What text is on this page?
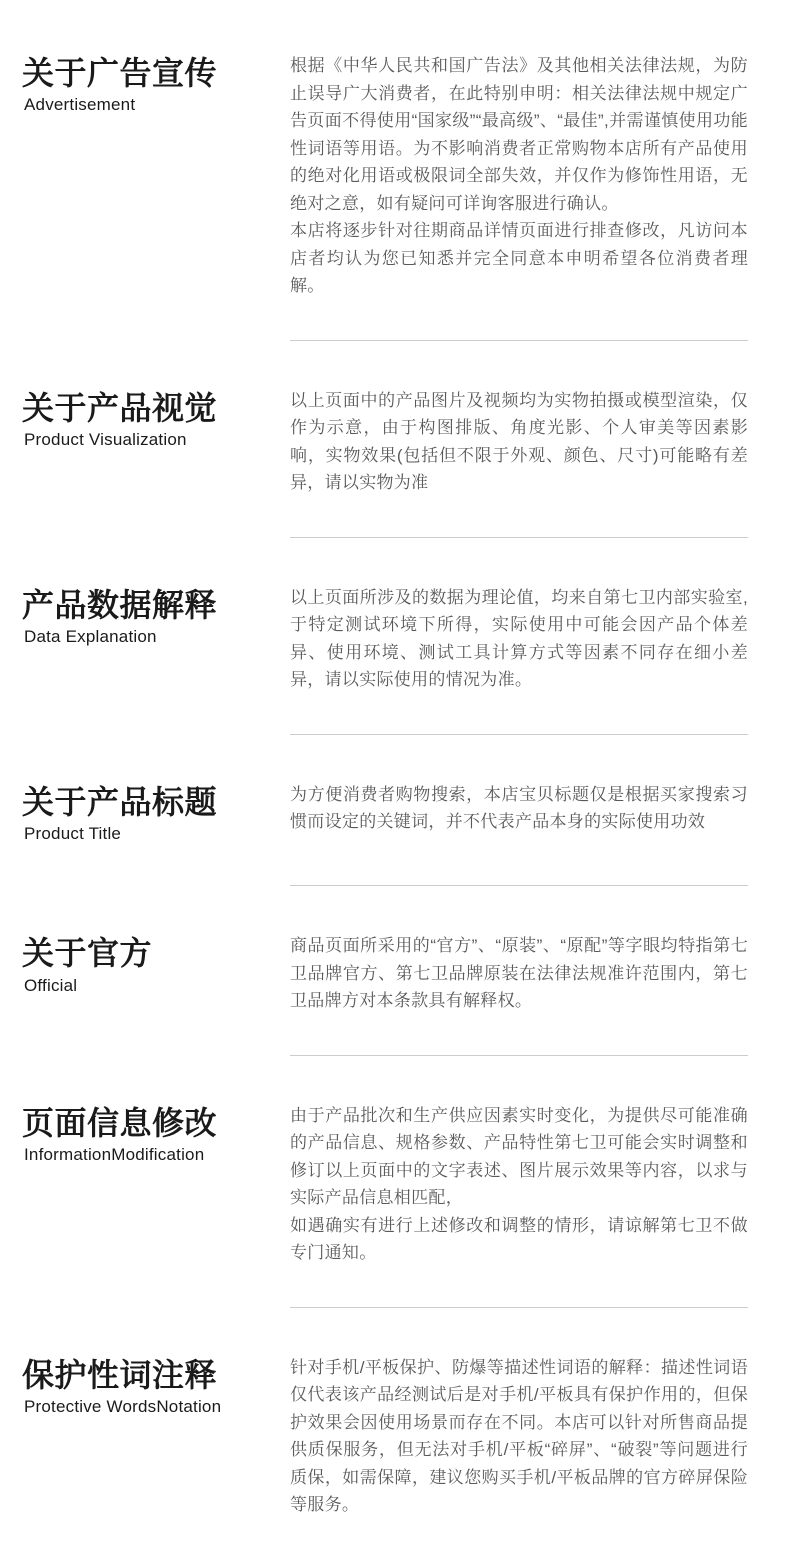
关于广告宣传
Advertisement

根据《中华人民共和国广告法》及其他相关法律法规，为防止误导广大消费者，在此特别申明：相关法律法规中规定广告页面不得使用“国家级”“最高级”、“最佳”,并需谨慎使用功能性词语等用语。为不影响消费者正常购物本店所有产品使用的绝对化用语或极限词全部失效，并仅作为修饰性用语，无绝对之意，如有疑问可详询客服进行确认。

本店将逐步针对往期商品详情页面进行排查修改，凡访问本店者均认为您已知悉并完全同意本申明希望各位消费者理解。

关于产品视觉
Product Visualization

以上页面中的产品图片及视频均为实物拍摄或模型渲染，仅作为示意，由于构图排版、角度光影、个人审美等因素影响，实物效果(包括但不限于外观、颜色、尺寸)可能略有差异，请以实物为准

产品数据解释
Data Explanation

以上页面所涉及的数据为理论值，均来自第七卫内部实验室,于特定测试环境下所得，实际使用中可能会因产品个体差异、使用环境、测试工具计算方式等因素不同存在细小差异，请以实际使用的情况为准。

关于产品标题
Product Title

为方便消费者购物搜索，本店宝贝标题仅是根据买家搜索习惯而设定的关键词，并不代表产品本身的实际使用功效

关于官方
Official

商品页面所采用的“官方”、“原装”、“原配”等字眼均特指第七卫品牌官方、第七卫品牌原装在法律法规准许范围内，第七卫品牌方对本条款具有解释权。

页面信息修改
InformationModification

由于产品批次和生产供应因素实时变化，为提供尽可能准确的产品信息、规格参数、产品特性第七卫可能会实时调整和修订以上页面中的文字表述、图片展示效果等内容，以求与实际产品信息相匹配，

如遇确实有进行上述修改和调整的情形，请谅解第七卫不做专门通知。

保护性词注释
Protective WordsNotation

针对手机/平板保护、防爆等描述性词语的解释：描述性词语仅代表该产品经测试后是对手机/平板具有保护作用的，但保护效果会因使用场景而存在不同。本店可以针对所售商品提供质保服务，但无法对手机/平板“碎屏”、“破裂”等问题进行质保，如需保障，建议您购买手机/平板品牌的官方碎屏保险等服务。
